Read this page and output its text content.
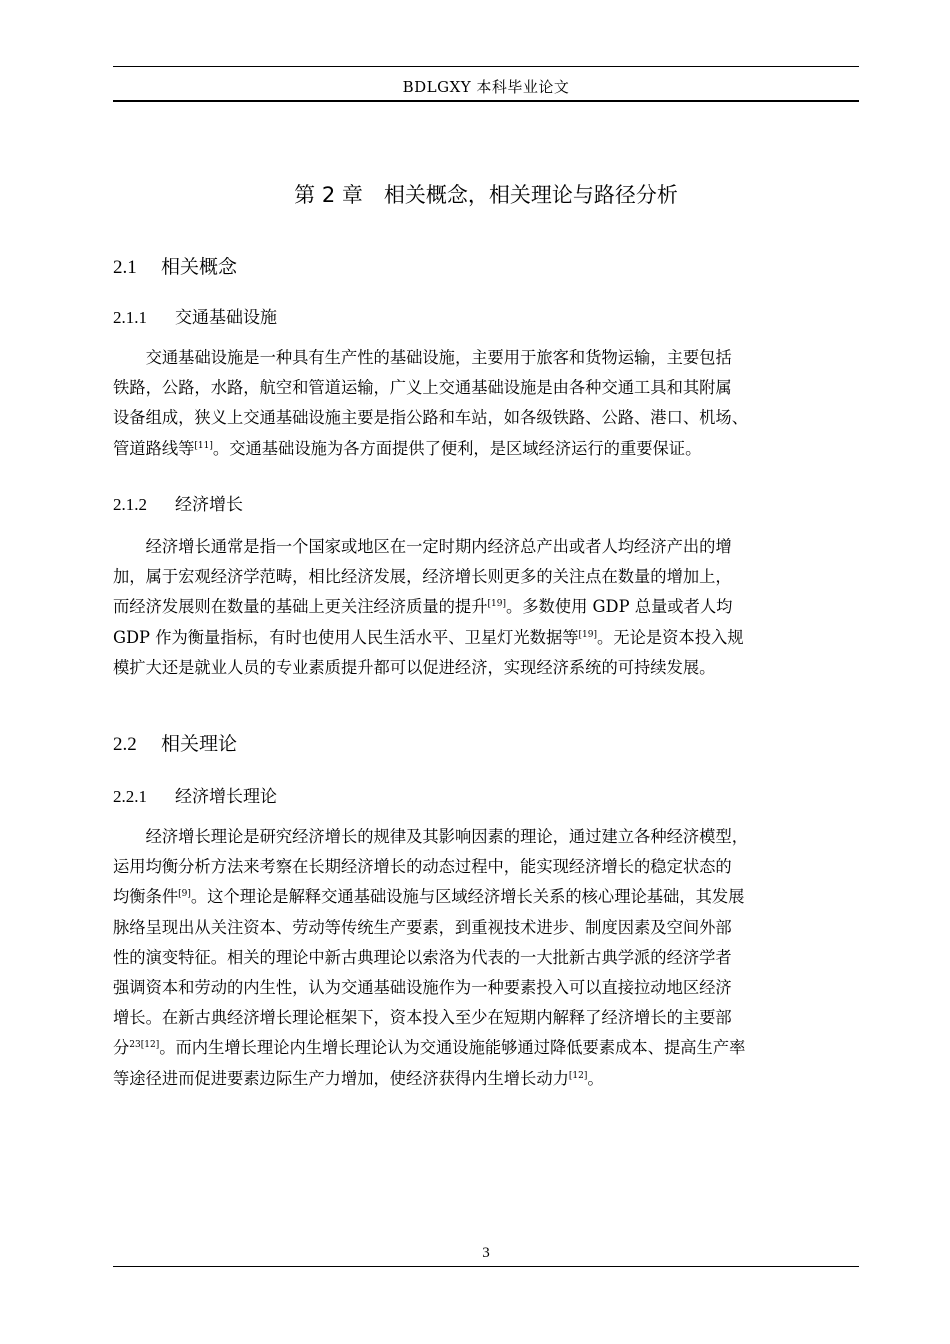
BDLGXY 本科毕业论文
第 2 章　相关概念，相关理论与路径分析
2.1 相关概念
2.1.1 交通基础设施
交通基础设施是一种具有生产性的基础设施，主要用于旅客和货物运输，主要包括
铁路，公路，水路，航空和管道运输，广义上交通基础设施是由各种交通工具和其附属
设备组成，狭义上交通基础设施主要是指公路和车站，如各级铁路、公路、港口、机场、
管道路线等[11]。交通基础设施为各方面提供了便利，是区域经济运行的重要保证。
2.1.2 经济增长
经济增长通常是指一个国家或地区在一定时期内经济总产出或者人均经济产出的增
加，属于宏观经济学范畴，相比经济发展，经济增长则更多的关注点在数量的增加上，
而经济发展则在数量的基础上更关注经济质量的提升[19]。多数使用 GDP 总量或者人均
GDP 作为衡量指标，有时也使用人民生活水平、卫星灯光数据等[19]。无论是资本投入规
模扩大还是就业人员的专业素质提升都可以促进经济，实现经济系统的可持续发展。
2.2 相关理论
2.2.1 经济增长理论
经济增长理论是研究经济增长的规律及其影响因素的理论，通过建立各种经济模型，
运用均衡分析方法来考察在长期经济增长的动态过程中，能实现经济增长的稳定状态的
均衡条件[9]。这个理论是解释交通基础设施与区域经济增长关系的核心理论基础，其发展
脉络呈现出从关注资本、劳动等传统生产要素，到重视技术进步、制度因素及空间外部
性的演变特征。相关的理论中新古典理论以索洛为代表的一大批新古典学派的经济学者
强调资本和劳动的内生性，认为交通基础设施作为一种要素投入可以直接拉动地区经济
增长。在新古典经济增长理论框架下，资本投入至少在短期内解释了经济增长的主要部
分$^{23[12]}$。而内生增长理论内生增长理论认为交通设施能够通过降低要素成本、提高生产率
等途径进而促进要素边际生产力增加，使经济获得内生增长动力[12]。
3
